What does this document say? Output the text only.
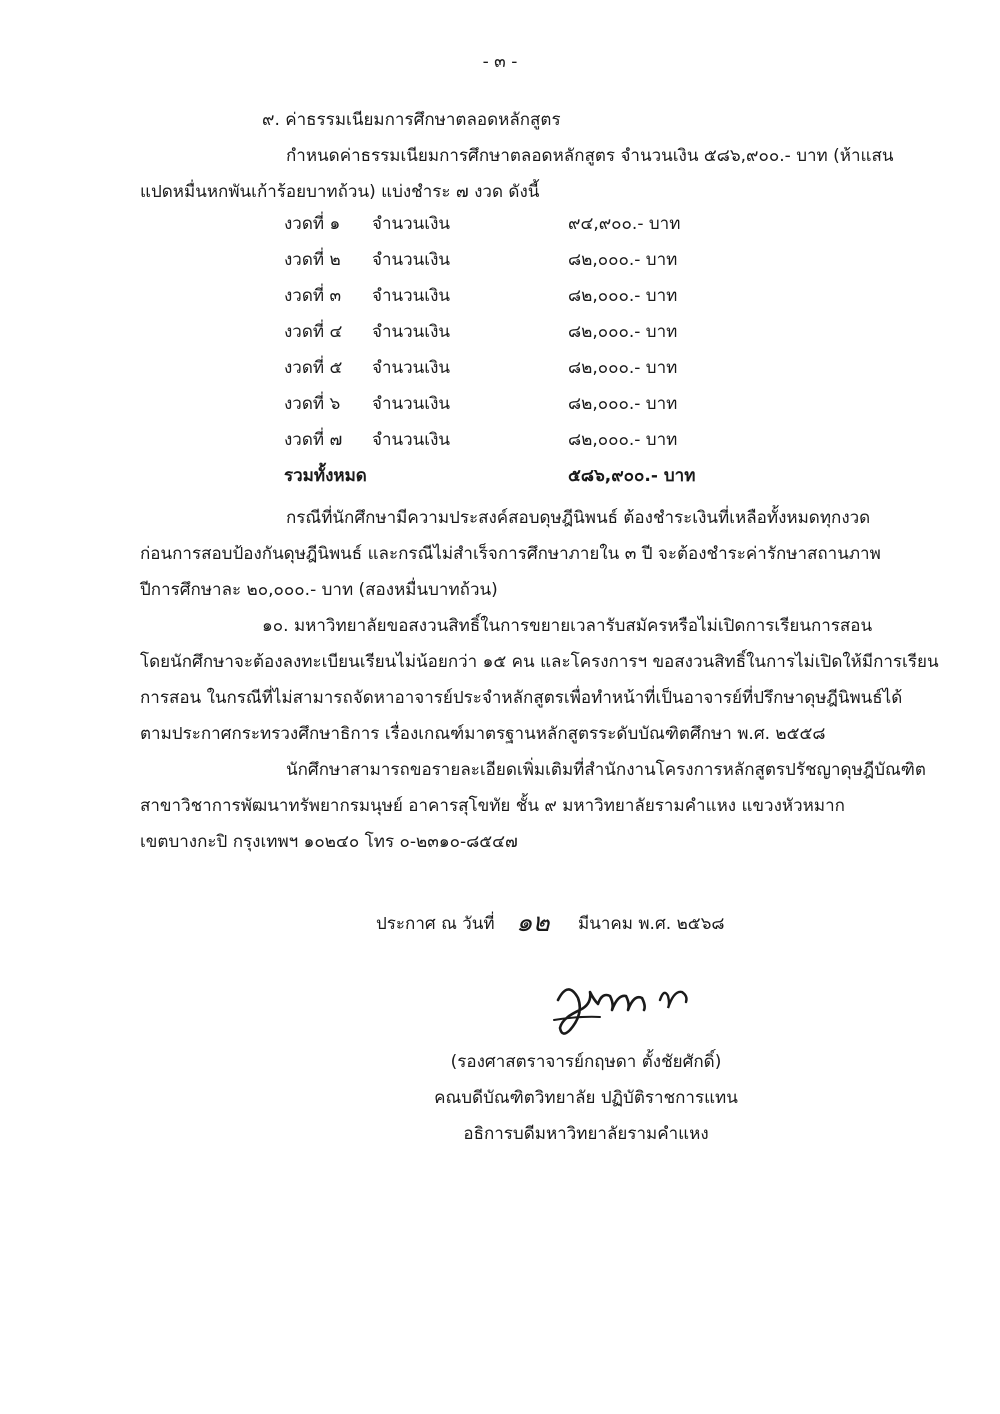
- ๓ -
๙. ค่าธรรมเนียมการศึกษาตลอดหลักสูตร
กำหนดค่าธรรมเนียมการศึกษาตลอดหลักสูตร จำนวนเงิน ๕๘๖,๙๐๐.- บาท (ห้าแสน
แปดหมื่นหกพันเก้าร้อยบาทถ้วน) แบ่งชำระ ๗ งวด ดังนี้
งวดที่ ๑ จำนวนเงิน	๙๔,๙๐๐.- บาท
งวดที่ ๒ จำนวนเงิน	๘๒,๐๐๐.- บาท
งวดที่ ๓ จำนวนเงิน	๘๒,๐๐๐.- บาท
งวดที่ ๔ จำนวนเงิน	๘๒,๐๐๐.- บาท
งวดที่ ๕ จำนวนเงิน	๘๒,๐๐๐.- บาท
งวดที่ ๖ จำนวนเงิน	๘๒,๐๐๐.- บาท
งวดที่ ๗ จำนวนเงิน	๘๒,๐๐๐.- บาท
รวมทั้งหมด	๕๘๖,๙๐๐.- บาท
กรณีที่นักศึกษามีความประสงค์สอบดุษฎีนิพนธ์ ต้องชำระเงินที่เหลือทั้งหมดทุกงวด
ก่อนการสอบป้องกันดุษฎีนิพนธ์ และกรณีไม่สำเร็จการศึกษาภายใน ๓ ปี จะต้องชำระค่ารักษาสถานภาพ
ปีการศึกษาละ ๒๐,๐๐๐.- บาท (สองหมื่นบาทถ้วน)
๑๐. มหาวิทยาลัยขอสงวนสิทธิ์ในการขยายเวลารับสมัครหรือไม่เปิดการเรียนการสอน
โดยนักศึกษาจะต้องลงทะเบียนเรียนไม่น้อยกว่า ๑๕ คน และโครงการฯ ขอสงวนสิทธิ์ในการไม่เปิดให้มีการเรียน
การสอน ในกรณีที่ไม่สามารถจัดหาอาจารย์ประจำหลักสูตรเพื่อทำหน้าที่เป็นอาจารย์ที่ปรึกษาดุษฎีนิพนธ์ได้
ตามประกาศกระทรวงศึกษาธิการ เรื่องเกณฑ์มาตรฐานหลักสูตรระดับบัณฑิตศึกษา พ.ศ. ๒๕๕๘
นักศึกษาสามารถขอรายละเอียดเพิ่มเติมที่สำนักงานโครงการหลักสูตรปรัชญาดุษฎีบัณฑิต
สาขาวิชาการพัฒนาทรัพยากรมนุษย์ อาคารสุโขทัย ชั้น ๙ มหาวิทยาลัยรามคำแหง แขวงหัวหมาก
เขตบางกะปิ กรุงเทพฯ ๑๐๒๔๐ โทร ๐-๒๓๑๐-๘๕๔๗
ประกาศ ณ วันที่ ๑๒ มีนาคม พ.ศ. ๒๕๖๘
(รองศาสตราจารย์กฤษดา ตั้งชัยศักดิ์)
คณบดีบัณฑิตวิทยาลัย ปฏิบัติราชการแทน
อธิการบดีมหาวิทยาลัยรามคำแหง
